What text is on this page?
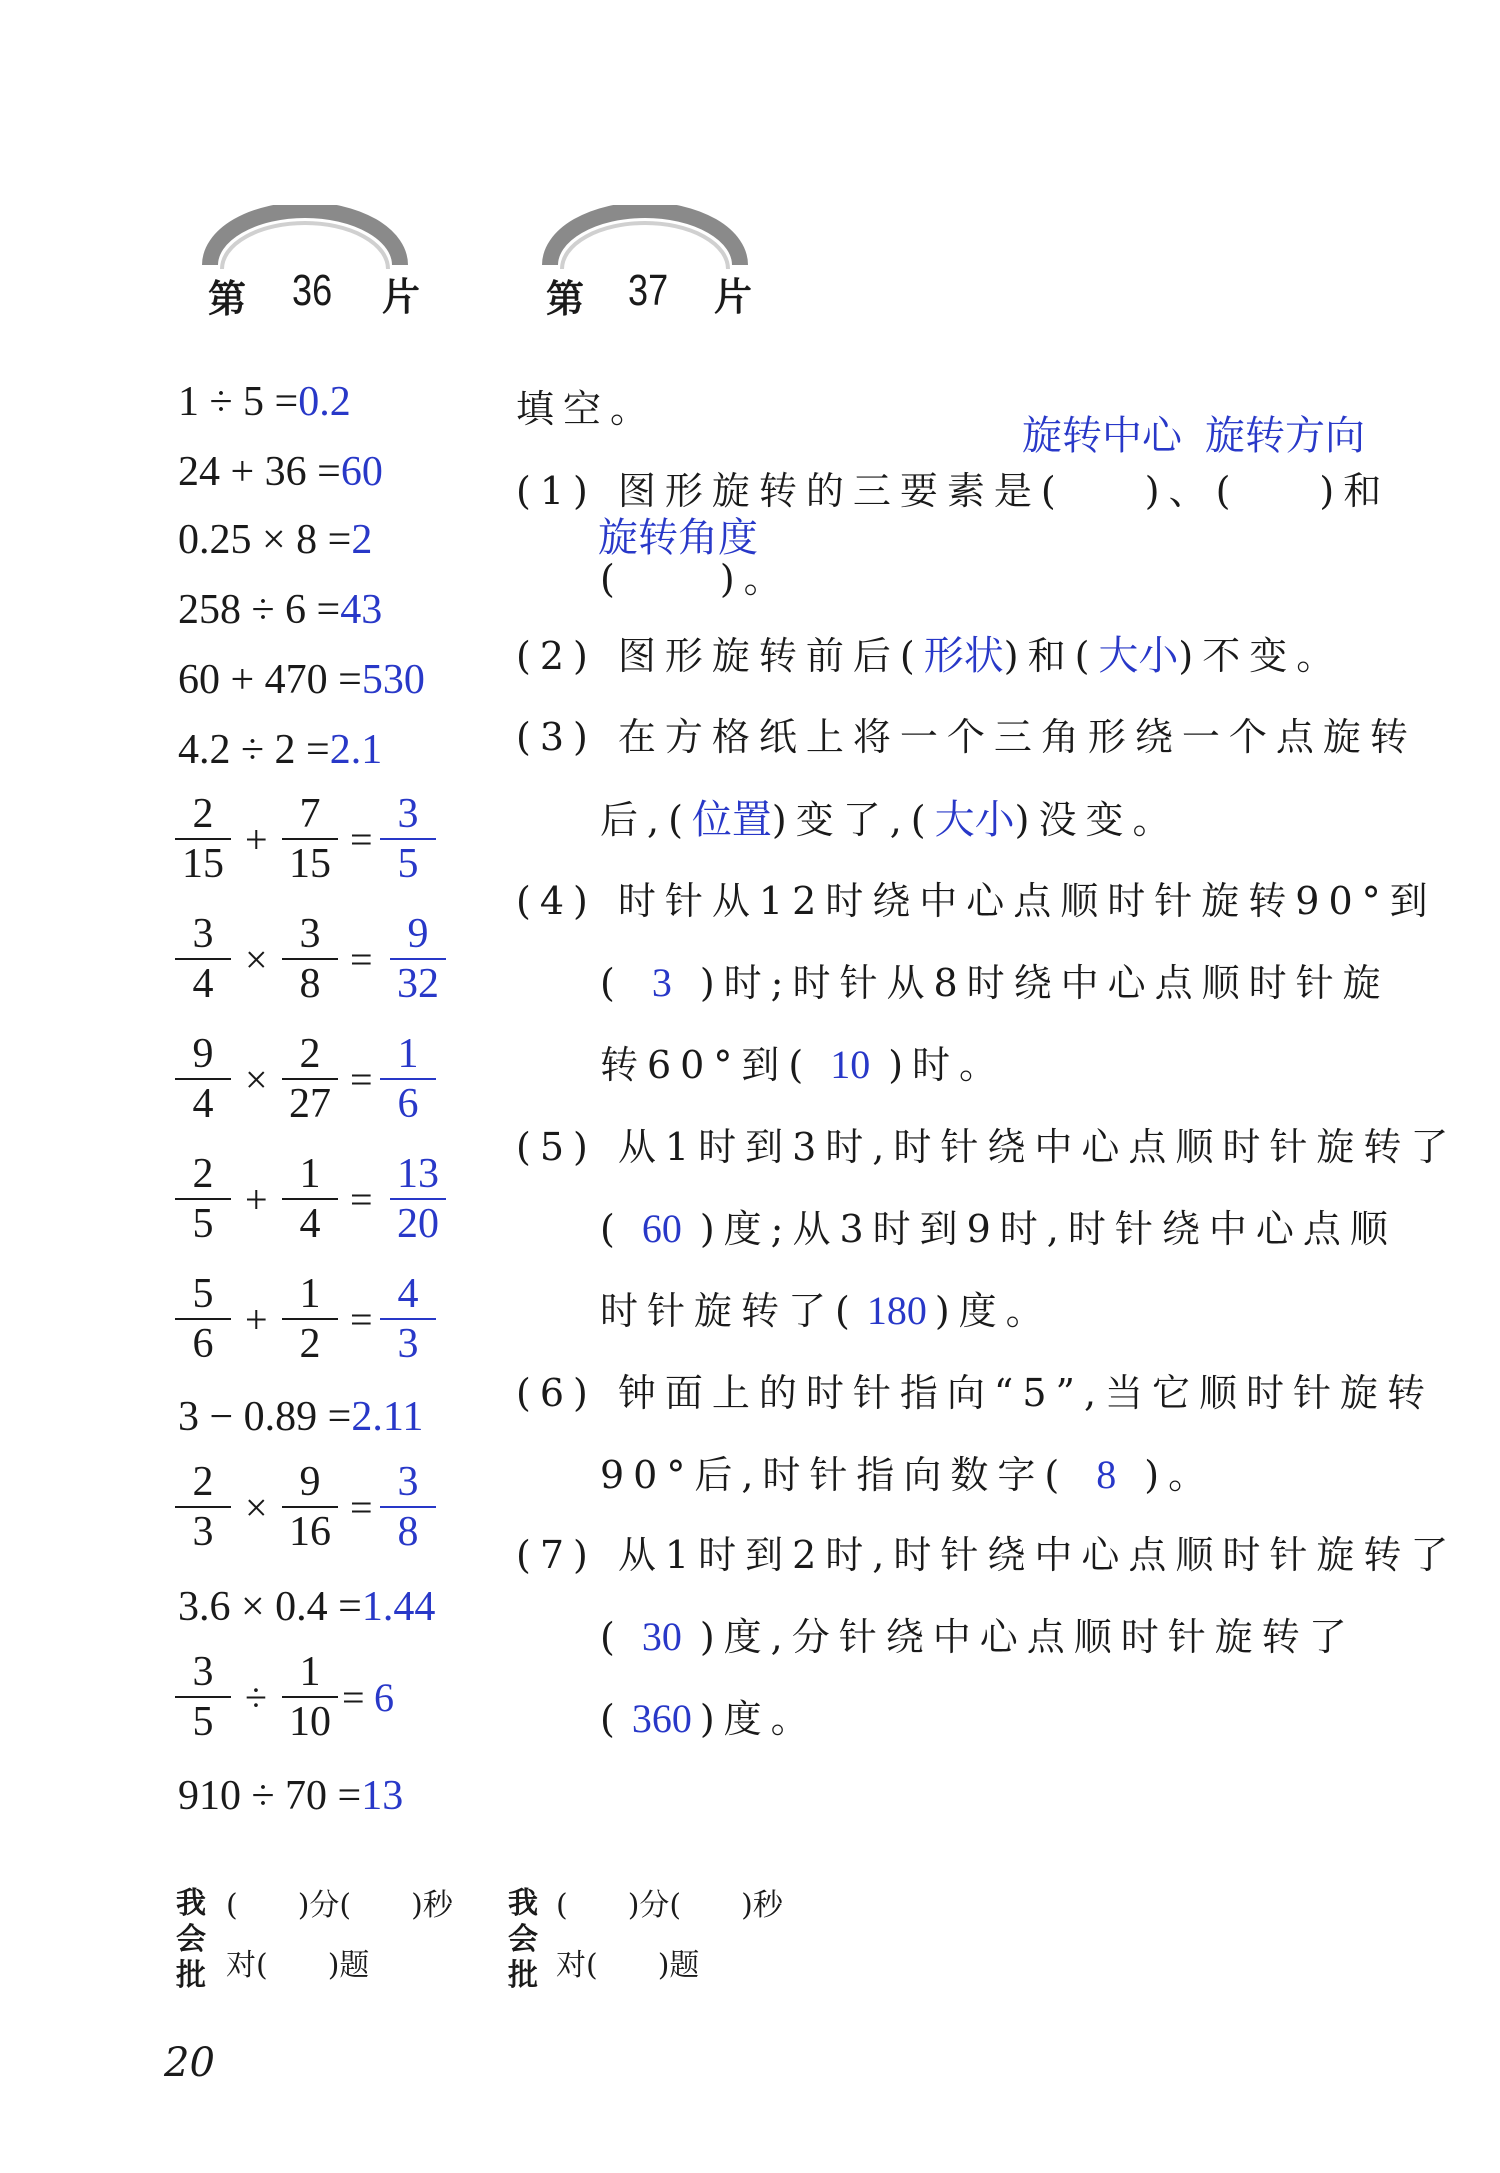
第 36 片	第 37 片
1 ÷ 5 =0.2
24 + 36 =60
0.25 × 8 =2
258 ÷ 6 =43
60 + 470 =530
4.2 ÷ 2 =2.1
2
15
+
7
15
=
3
5
3
4
×
3
8
=
9
32
9
4
×
2
27
=
1
6
2
5
+
1
4
=
13
20
5
6
+
1
2
=
4
3
3 − 0.89 =2.11
2
3
×
9
16
=
3
8
3.6 × 0.4 =1.44
3
5
÷
1
10
= 6
910 ÷ 70 =13
填空。
旋转中心 旋转方向
(1) 图形旋转的三要素是( )、( )和
旋转角度
(	)。
(2) 图形旋转前后(形状)和(大小)不变。
(3) 在方格纸上将一个三角形绕一个点旋转
后,(位置)变了,(大小)没变。
(4) 时针从12时绕中心点顺时针旋转90°到
( 3 )时;时针从8时绕中心点顺时针旋
转60°到( 10 )时。
(5) 从1时到3时,时针绕中心点顺时针旋转了
( 60 )度;从3时到9时,时针绕中心点顺
时针旋转了( 180 )度。
(6) 钟面上的时针指向“5”,当它顺时针旋转
90°后,时针指向数字( 8 )。
(7) 从1时到2时,时针绕中心点顺时针旋转了
( 30 )度,分针绕中心点顺时针旋转了
( 360 )度。
我
会
批
(　　)分(　　)秒
对(　　)题
我
会
批
(　　)分(　　)秒
对(　　)题
20
